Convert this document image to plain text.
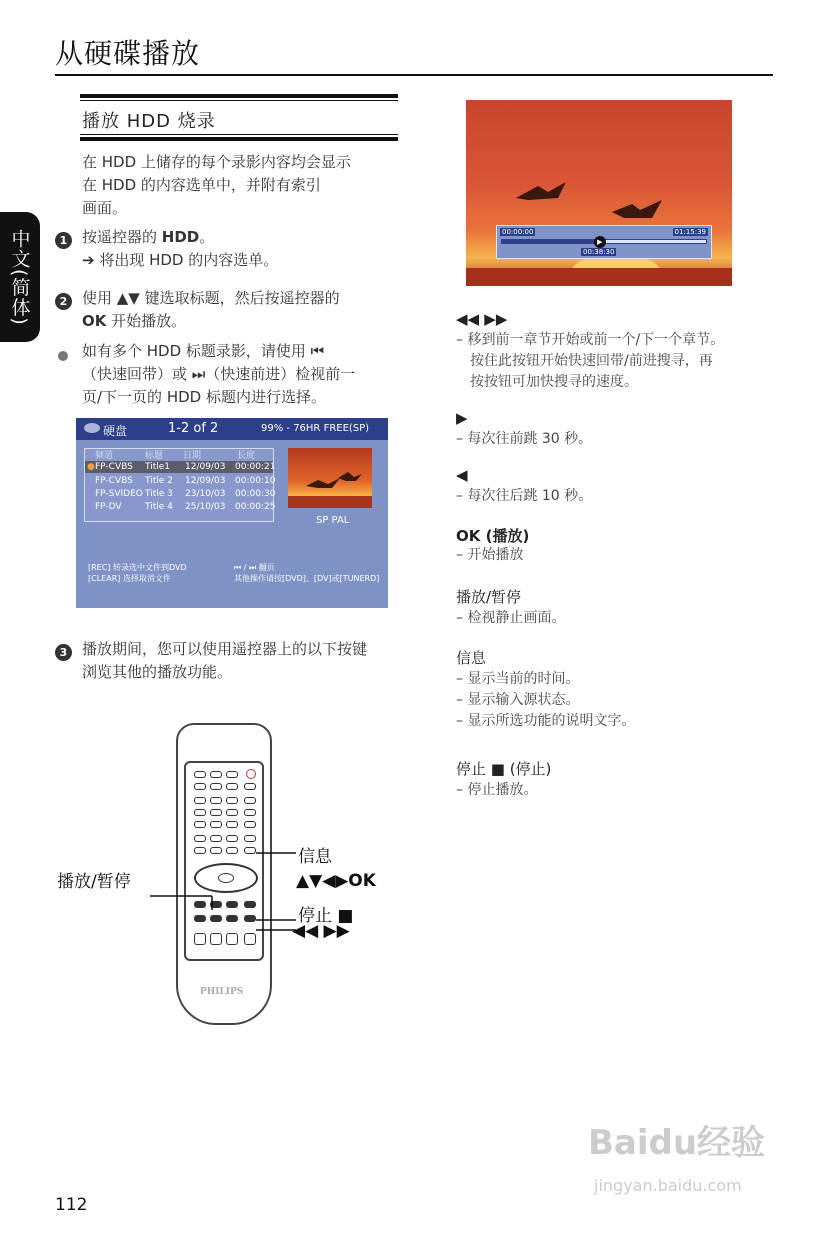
从硬碟播放
中文(简体)
播放 HDD 烧录
在 HDD 上储存的每个录影内容均会显示
在 HDD 的内容选单中，并附有索引
画面。
1 按遥控器的 HDD。
➔ 将出现 HDD 的内容选单。
2 使用 ▲▼ 键选取标题，然后按遥控器的
OK 开始播放。
如有多个 HDD 标题录影，请使用 ⏮
（快速回带）或 ⏭（快速前进）检视前一
页/下一页的 HDD 标题内进行选择。
硬盘	1-2 of 2	99% - 76HR FREE(SP)
频道	标题 日期	长度
● FP-CVBS Title1 12/09/03 00:00:21
FP-CVBS Title 2 12/09/03 00:00:10
FP-SVIDEO Title 3 23/10/03 00:00:30
FP-DV	Title 4 25/10/03 00:00:25
SP PAL
[REC] 转录选中文件到DVD
[CLEAR] 选择取消文件
⏮ / ⏭ 翻页
其他操作请按[DVD]、[DV]或[TUNERD]
3 播放期间，您可以使用遥控器上的以下按键
浏览其他的播放功能。
PHILIPS
信息
播放/暂停	▲▼◀▶OK
停止 ■
◀◀ ▶▶
00:00:00	01:15:39
▶
00:38:30
◀◀ ▶▶
– 移到前一章节开始或前一个/下一个章节。
按住此按钮开始快速回带/前进搜寻，再
按按钮可加快搜寻的速度。
▶
– 每次往前跳 30 秒。
◀
– 每次往后跳 10 秒。
OK (播放)
– 开始播放
播放/暂停
– 检视静止画面。
信息
– 显示当前的时间。
– 显示输入源状态。
– 显示所选功能的说明文字。
停止 ■ (停止)
– 停止播放。
112
Baidu经验
jingyan.baidu.com
